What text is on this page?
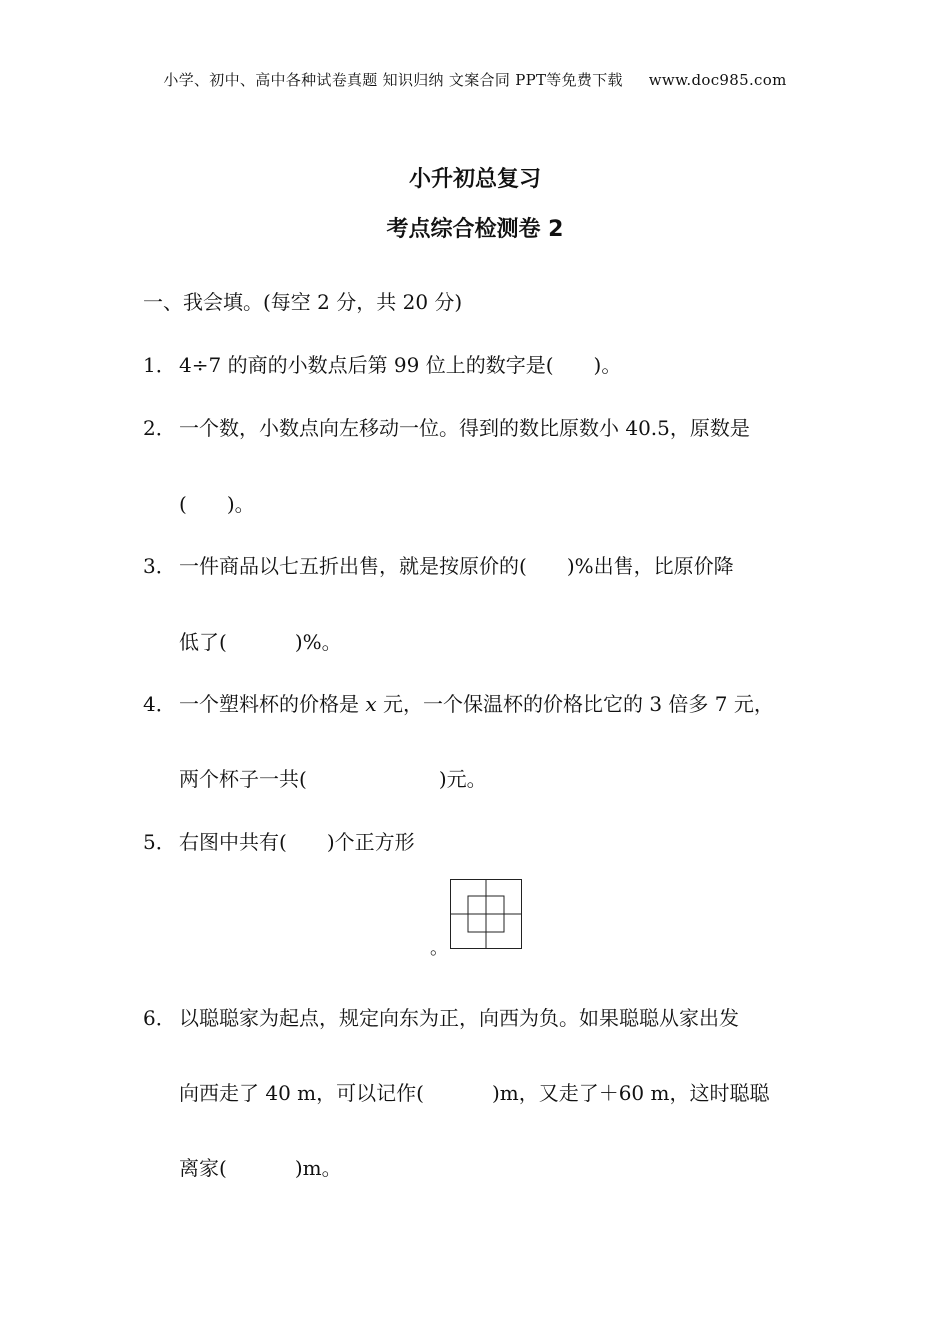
小学、初中、高中各种试卷真题 知识归纳 文案合同 PPT等免费下载 www.doc985.com
小升初总复习
考点综合检测卷 2
一、我会填。(每空 2 分，共 20 分)
1． 4÷7 的商的小数点后第 99 位上的数字是( )。
2． 一个数，小数点向左移动一位。得到的数比原数小 40.5，原数是
( )。
3． 一件商品以七五折出售，就是按原价的( )%出售，比原价降
低了(	)%。
4． 一个塑料杯的价格是 x 元，一个保温杯的价格比它的 3 倍多 7 元，
两个杯子一共(	)元。
5． 右图中共有( )个正方形
。
6． 以聪聪家为起点，规定向东为正，向西为负。如果聪聪从家出发
向西走了 40 m，可以记作(	)m，又走了＋60 m，这时聪聪
离家(	)m。
